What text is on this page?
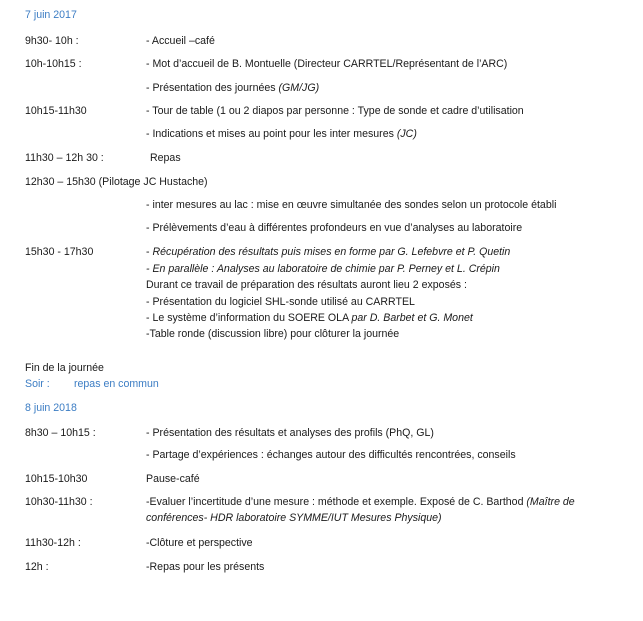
7 juin 2017
9h30- 10h :	- Accueil –café
10h-10h15 :	- Mot d’accueil de B. Montuelle (Directeur CARRTEL/Représentant de l’ARC)
- Présentation des journées (GM/JG)
10h15-11h30	- Tour de table (1 ou 2 diapos par personne : Type de sonde et cadre d’utilisation
- Indications et mises au point pour les inter mesures (JC)
11h30 – 12h 30 :	Repas
12h30 – 15h30 (Pilotage JC Hustache)
- inter mesures au lac : mise en œuvre simultanée des sondes selon un protocole établi
- Prélèvements d’eau à différentes profondeurs en vue d’analyses au laboratoire
15h30 - 17h30	- Récupération des résultats puis mises en forme par G. Lefebvre et P. Quetin
- En parallèle : Analyses au laboratoire de chimie par P. Perney et L. Crépin
Durant ce travail de préparation des résultats auront lieu 2 exposés :
- Présentation du logiciel SHL-sonde utilisé au CARRTEL
- Le système d’information du SOERE OLA par D. Barbet et G. Monet
-Table ronde (discussion libre) pour clôturer la journée
Fin de la journée
Soir : repas en commun
8 juin 2018
8h30 – 10h15 :	- Présentation des résultats et analyses des profils (PhQ, GL)
- Partage d’expériences : échanges autour des difficultés rencontrées, conseils
10h15-10h30	Pause-café
10h30-11h30 :	-Evaluer l’incertitude d’une mesure : méthode et exemple. Exposé de C. Barthod (Maître de
conférences- HDR laboratoire SYMME/IUT Mesures Physique)
11h30-12h :	-Clôture et perspective
12h :	-Repas pour les présents
